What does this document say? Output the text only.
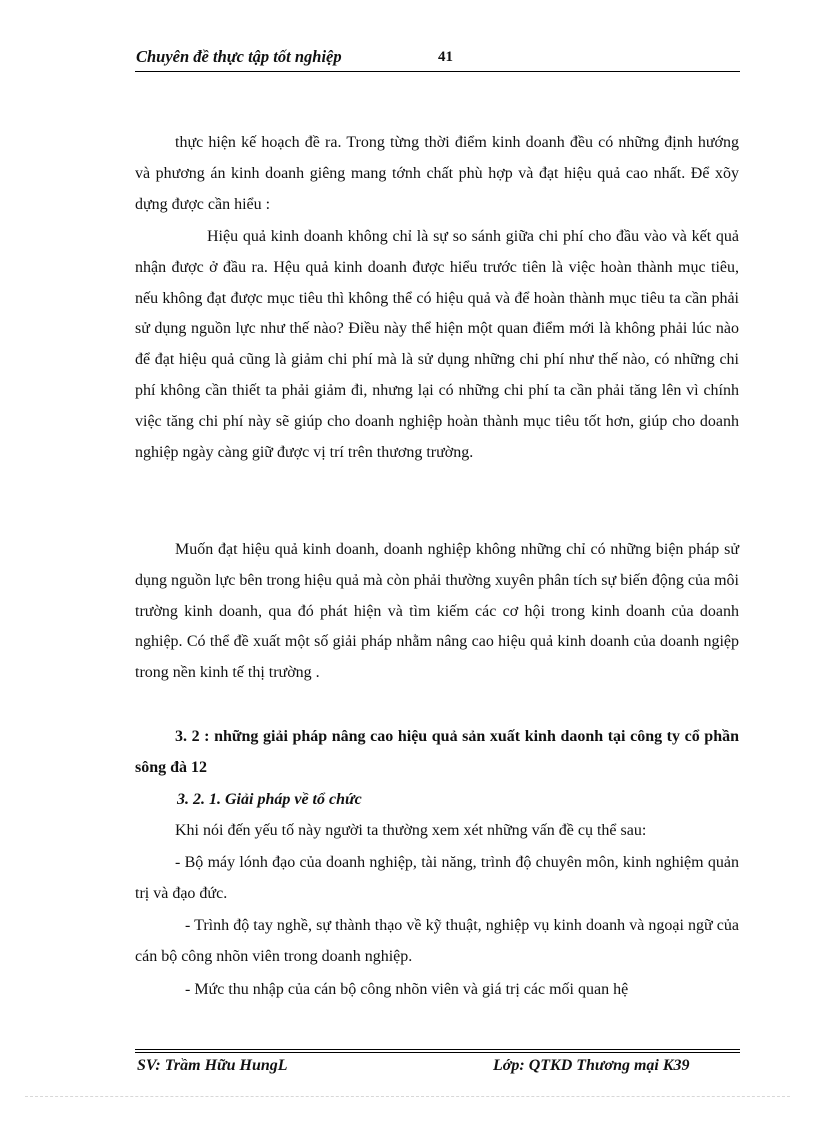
Chuyên đề thực tập tốt nghiệp	41

thực hiện kế hoạch đề ra. Trong từng thời điểm kinh doanh đều có những định hướng và phương án kinh doanh giêng mang tớnh chất phù hợp và đạt hiệu quả cao nhất. Để xõy dựng được cần hiểu :

Hiệu quả kinh doanh không chỉ là sự so sánh giữa chi phí cho đầu vào và kết quả nhận được ở đầu ra. Hệu quả kinh doanh được hiểu trước tiên là việc hoàn thành mục tiêu, nếu không đạt được mục tiêu thì không thể có hiệu quả và để hoàn thành mục tiêu ta cần phải sử dụng nguồn lực như thế nào? Điều này thể hiện một quan điểm mới là không phải lúc nào để đạt hiệu quả cũng là giảm chi phí mà là sử dụng những chi phí như thế nào, có những chi phí không cần thiết ta phải giảm đi, nhưng lại có những chi phí ta cần phải tăng lên vì chính việc tăng chi phí này sẽ giúp cho doanh nghiệp hoàn thành mục tiêu tốt hơn, giúp cho doanh nghiệp ngày càng giữ được vị trí trên thương trường.

Muốn đạt hiệu quả kinh doanh, doanh nghiệp không những chỉ có những biện pháp sử dụng nguồn lực bên trong hiệu quả mà còn phải thường xuyên phân tích sự biến động của môi trường kinh doanh, qua đó phát hiện và tìm kiếm các cơ hội trong kinh doanh của doanh nghiệp. Có thể đề xuất một số giải pháp nhằm nâng cao hiệu quả kinh doanh của doanh ngiệp trong nền kinh tế thị trường .

3. 2 : những giải pháp nâng cao hiệu quả sản xuất kinh daonh tại công ty cổ phần sông đà 12

3. 2. 1. Giải pháp về tổ chức

Khi nói đến yếu tố này người ta thường xem xét những vấn đề cụ thể sau:

- Bộ máy lónh đạo của doanh nghiệp, tài năng, trình độ chuyên môn, kinh nghiệm quản trị và đạo đức.

- Trình độ tay nghề, sự thành thạo về kỹ thuật, nghiệp vụ kinh doanh và ngoại ngữ của cán bộ công nhõn viên trong doanh nghiệp.

- Mức thu nhập của cán bộ công nhõn viên và giá trị các mối quan hệ

SV: Trầm Hữu HungL	Lớp: QTKD Thương mại K39
